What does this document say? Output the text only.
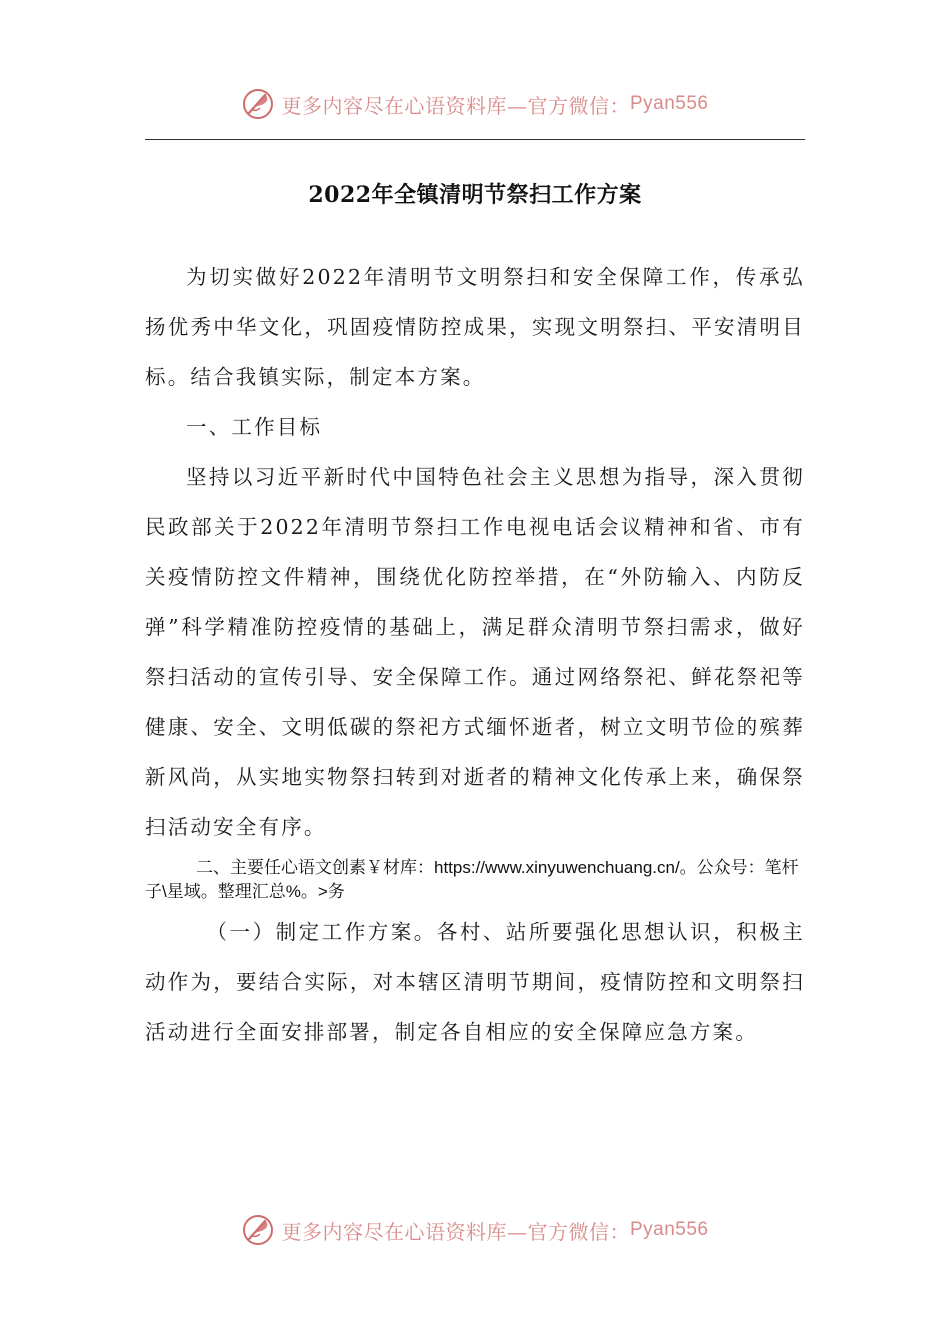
更多内容尽在心语资料库—官方微信： Pyan556
2022年全镇清明节祭扫工作方案

为切实做好2022年清明节文明祭扫和安全保障工作，传承弘扬优秀中华文化，巩固疫情防控成果，实现文明祭扫、平安清明目标。结合我镇实际，制定本方案。

一、工作目标

坚持以习近平新时代中国特色社会主义思想为指导，深入贯彻民政部关于2022年清明节祭扫工作电视电话会议精神和省、市有关疫情防控文件精神，围绕优化防控举措，在“外防输入、内防反弹”科学精准防控疫情的基础上，满足群众清明节祭扫需求，做好祭扫活动的宣传引导、安全保障工作。通过网络祭祀、鲜花祭祀等健康、安全、文明低碳的祭祀方式缅怀逝者，树立文明节俭的殡葬新风尚，从实地实物祭扫转到对逝者的精神文化传承上来，确保祭扫活动安全有序。

二、主要任心语文创素￥材库：https://www.xinyuwenchuang.cn/。公众号：笔杆子\星域。整理汇总%。>务

（一）制定工作方案。各村、站所要强化思想认识，积极主动作为，要结合实际，对本辖区清明节期间，疫情防控和文明祭扫活动进行全面安排部署，制定各自相应的安全保障应急方案。

更多内容尽在心语资料库—官方微信： Pyan556
